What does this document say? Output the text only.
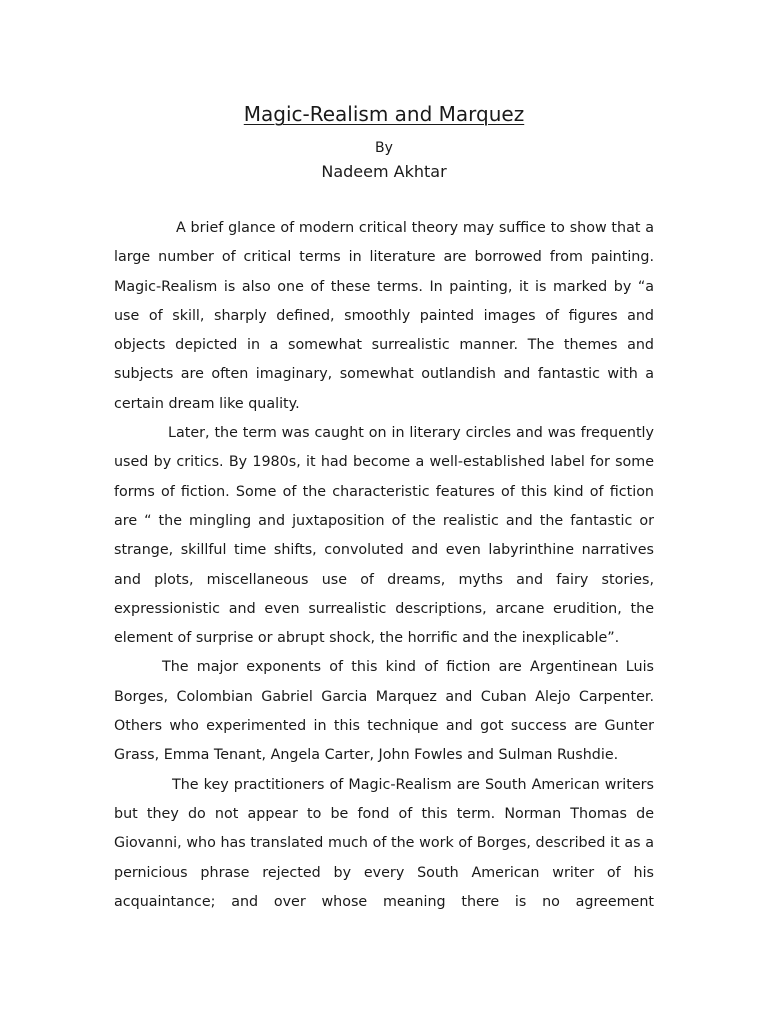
Magic-Realism and Marquez
By
Nadeem Akhtar

A brief glance of modern critical theory may suffice to show that a large number of critical terms in literature are borrowed from painting. Magic-Realism is also one of these terms. In painting, it is marked by “a use of skill, sharply defined, smoothly painted images of figures and objects depicted in a somewhat surrealistic manner. The themes and subjects are often imaginary, somewhat outlandish and fantastic with a certain dream like quality.

Later, the term was caught on in literary circles and was frequently used by critics. By 1980s, it had become a well-established label for some forms of fiction. Some of the characteristic features of this kind of fiction are “ the mingling and juxtaposition of the realistic and the fantastic or strange, skillful time shifts, convoluted and even labyrinthine narratives and plots, miscellaneous use of dreams, myths and fairy stories, expressionistic and even surrealistic descriptions, arcane erudition, the element of surprise or abrupt shock, the horrific and the inexplicable”.

The major exponents of this kind of fiction are Argentinean Luis Borges, Colombian Gabriel Garcia Marquez and Cuban Alejo Carpenter. Others who experimented in this technique and got success are Gunter Grass, Emma Tenant, Angela Carter, John Fowles and Sulman Rushdie.

The key practitioners of Magic-Realism are South American writers but they do not appear to be fond of this term. Norman Thomas de Giovanni, who has translated much of the work of Borges, described it as a pernicious phrase rejected by every South American writer of his acquaintance; and over whose meaning there is no agreement
